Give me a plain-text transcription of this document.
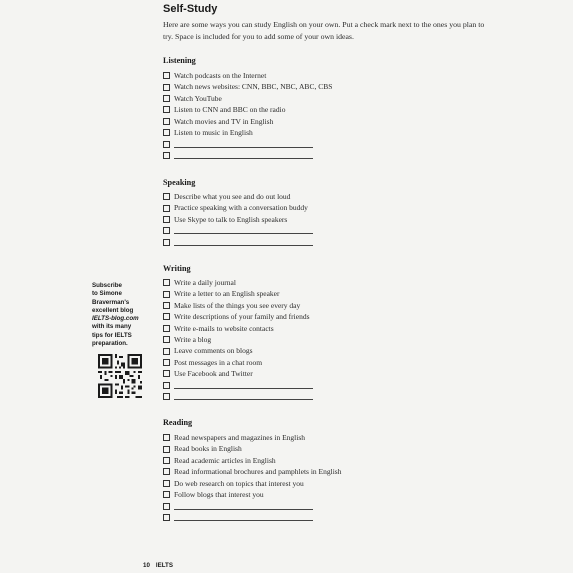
Self-Study
Here are some ways you can study English on your own. Put a check mark next to the ones you plan to try. Space is included for you to add some of your own ideas.
Listening
Watch podcasts on the Internet
Watch news websites: CNN, BBC, NBC, ABC, CBS
Watch YouTube
Listen to CNN and BBC on the radio
Watch movies and TV in English
Listen to music in English
Speaking
Describe what you see and do out loud
Practice speaking with a conversation buddy
Use Skype to talk to English speakers
Writing
Write a daily journal
Write a letter to an English speaker
Make lists of the things you see every day
Write descriptions of your family and friends
Write e-mails to website contacts
Write a blog
Leave comments on blogs
Post messages in a chat room
Use Facebook and Twitter
Reading
Read newspapers and magazines in English
Read books in English
Read academic articles in English
Read informational brochures and pamphlets in English
Do web research on topics that interest you
Follow blogs that interest you
Subscribe
to Simone
Braverman's
excellent blog
IELTS-blog.com
with its many
tips for IELTS
preparation.
10 IELTS
